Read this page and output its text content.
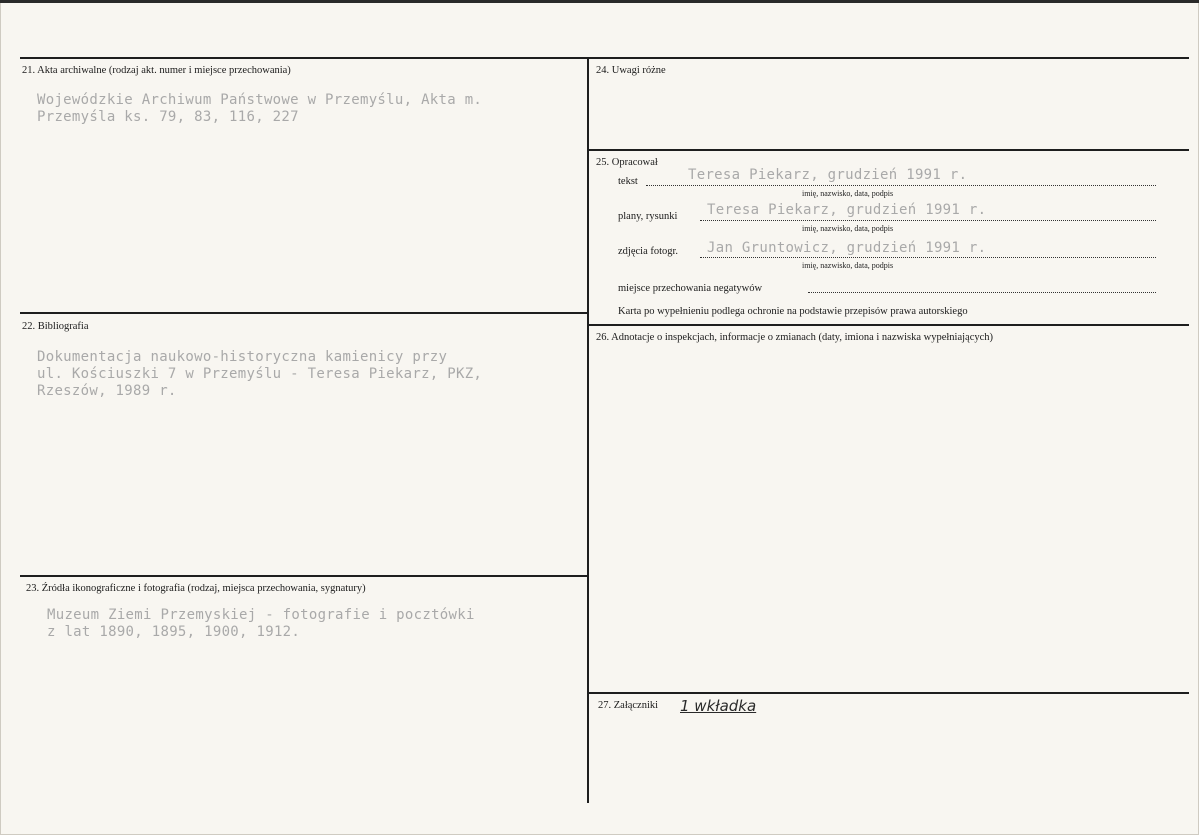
21. Akta archiwalne (rodzaj akt. numer i miejsce przechowania)
Wojewódzkie Archiwum Państwowe w Przemyślu, Akta m.
Przemyśla ks. 79, 83, 116, 227
22. Bibliografia
Dokumentacja naukowo-historyczna kamienicy przy
ul. Kościuszki 7 w Przemyślu - Teresa Piekarz, PKZ,
Rzeszów, 1989 r.
23. Źródła ikonograficzne i fotografia (rodzaj, miejsca przechowania, sygnatury)
Muzeum Ziemi Przemyskiej - fotografie i pocztówki
z lat 1890, 1895, 1900, 1912.
24. Uwagi różne
25. Opracował
tekst	Teresa Piekarz, grudzień 1991 r.
imię, nazwisko, data, podpis
plany, rysunki Teresa Piekarz, grudzień 1991 r.
imię, nazwisko, data, podpis
zdjęcia fotogr. Jan Gruntowicz, grudzień 1991 r.
imię, nazwisko, data, podpis
miejsce przechowania negatywów
Karta po wypełnieniu podlega ochronie na podstawie przepisów prawa autorskiego
26. Adnotacje o inspekcjach, informacje o zmianach (daty, imiona i nazwiska wypełniających)
27. Załączniki 1 wkładka
